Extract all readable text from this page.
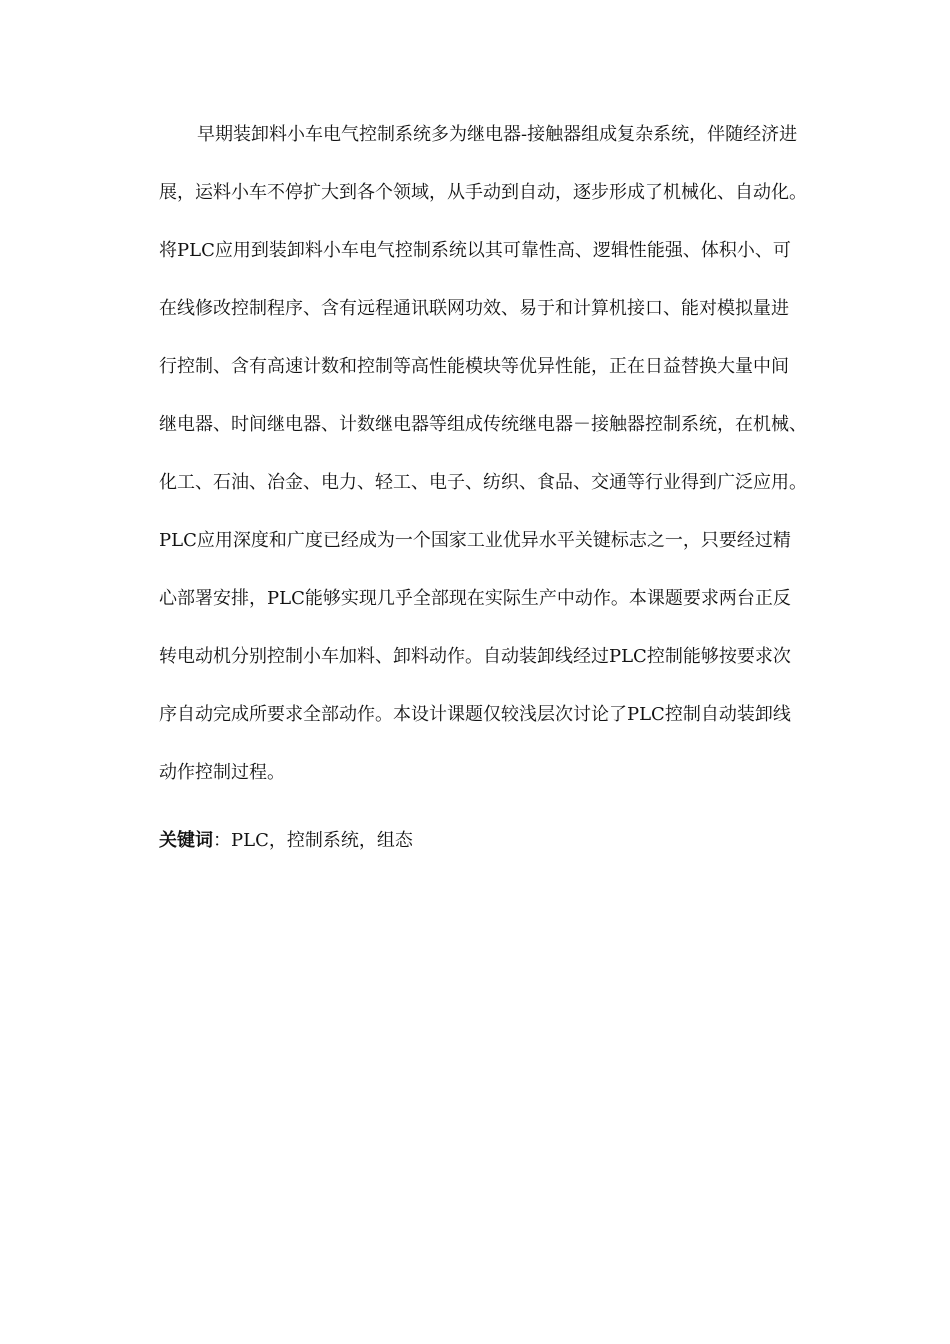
早期装卸料小车电气控制系统多为继电器-接触器组成复杂系统，伴随经济进
展，运料小车不停扩大到各个领域，从手动到自动，逐步形成了机械化、自动化。
将PLC应用到装卸料小车电气控制系统以其可靠性高、逻辑性能强、体积小、可
在线修改控制程序、含有远程通讯联网功效、易于和计算机接口、能对模拟量进
行控制、含有高速计数和控制等高性能模块等优异性能，正在日益替换大量中间
继电器、时间继电器、计数继电器等组成传统继电器－接触器控制系统，在机械、
化工、石油、冶金、电力、轻工、电子、纺织、食品、交通等行业得到广泛应用。
PLC应用深度和广度已经成为一个国家工业优异水平关键标志之一，只要经过精
心部署安排，PLC能够实现几乎全部现在实际生产中动作。本课题要求两台正反
转电动机分别控制小车加料、卸料动作。自动装卸线经过PLC控制能够按要求次
序自动完成所要求全部动作。本设计课题仅较浅层次讨论了PLC控制自动装卸线
动作控制过程。
关键词：PLC，控制系统，组态
